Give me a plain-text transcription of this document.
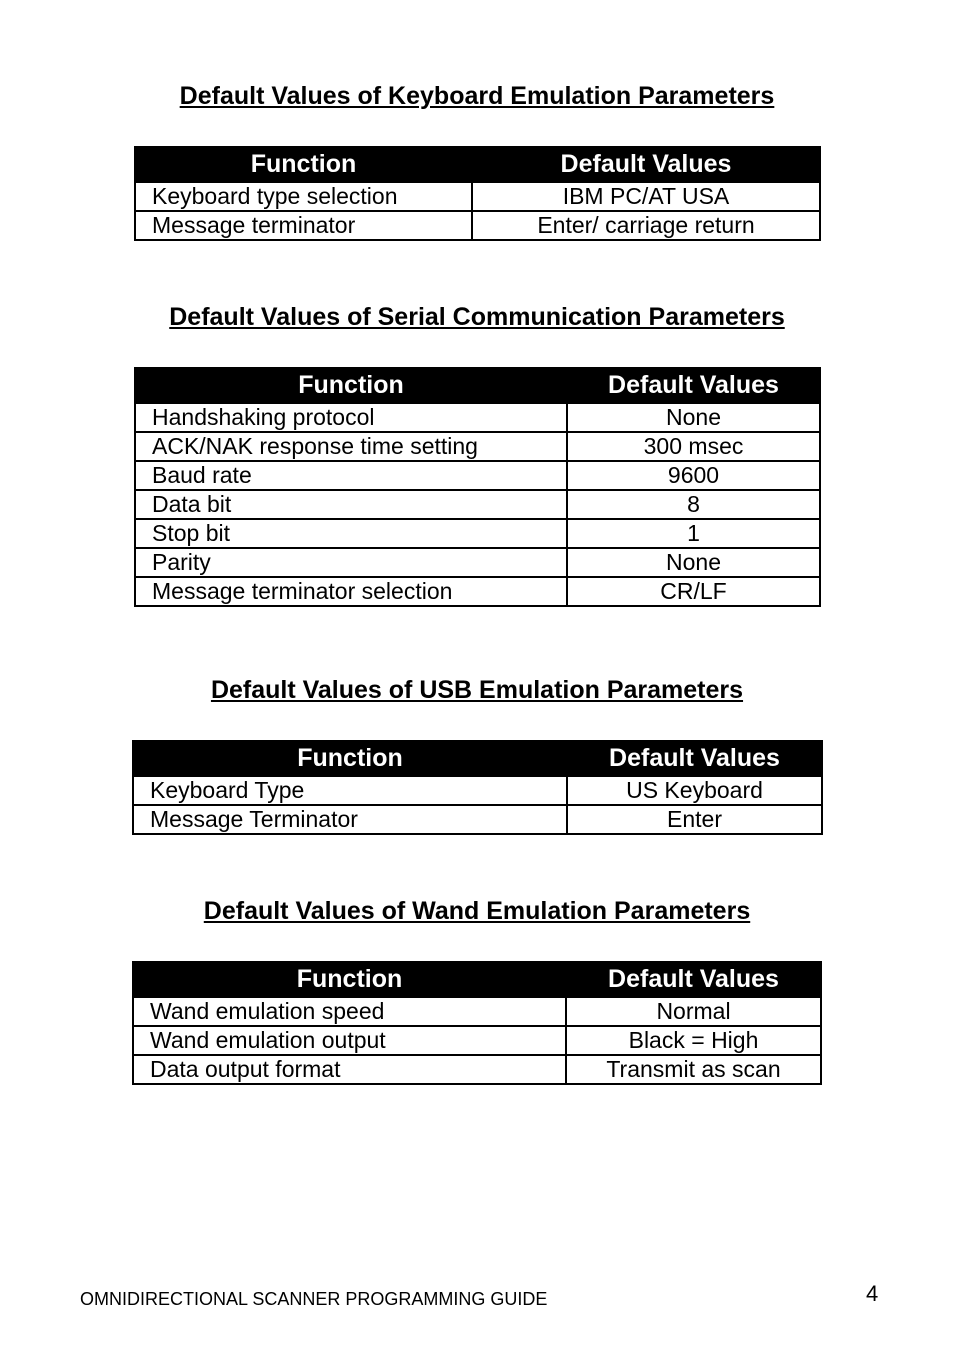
Default Values of Keyboard Emulation Parameters
Function	Default Values
Keyboard type selection	IBM PC/AT USA
Message terminator	Enter/ carriage return
Default Values of Serial Communication Parameters
Function	Default Values
Handshaking protocol	None
ACK/NAK response time setting	300 msec
Baud rate	9600
Data bit	8
Stop bit	1
Parity	None
Message terminator selection	CR/LF
Default Values of USB Emulation Parameters
Function	Default Values
Keyboard Type	US Keyboard
Message Terminator	Enter
Default Values of Wand Emulation Parameters
Function	Default Values
Wand emulation speed	Normal
Wand emulation output	Black = High
Data output format	Transmit as scan
OMNIDIRECTIONAL SCANNER PROGRAMMING GUIDE	4
